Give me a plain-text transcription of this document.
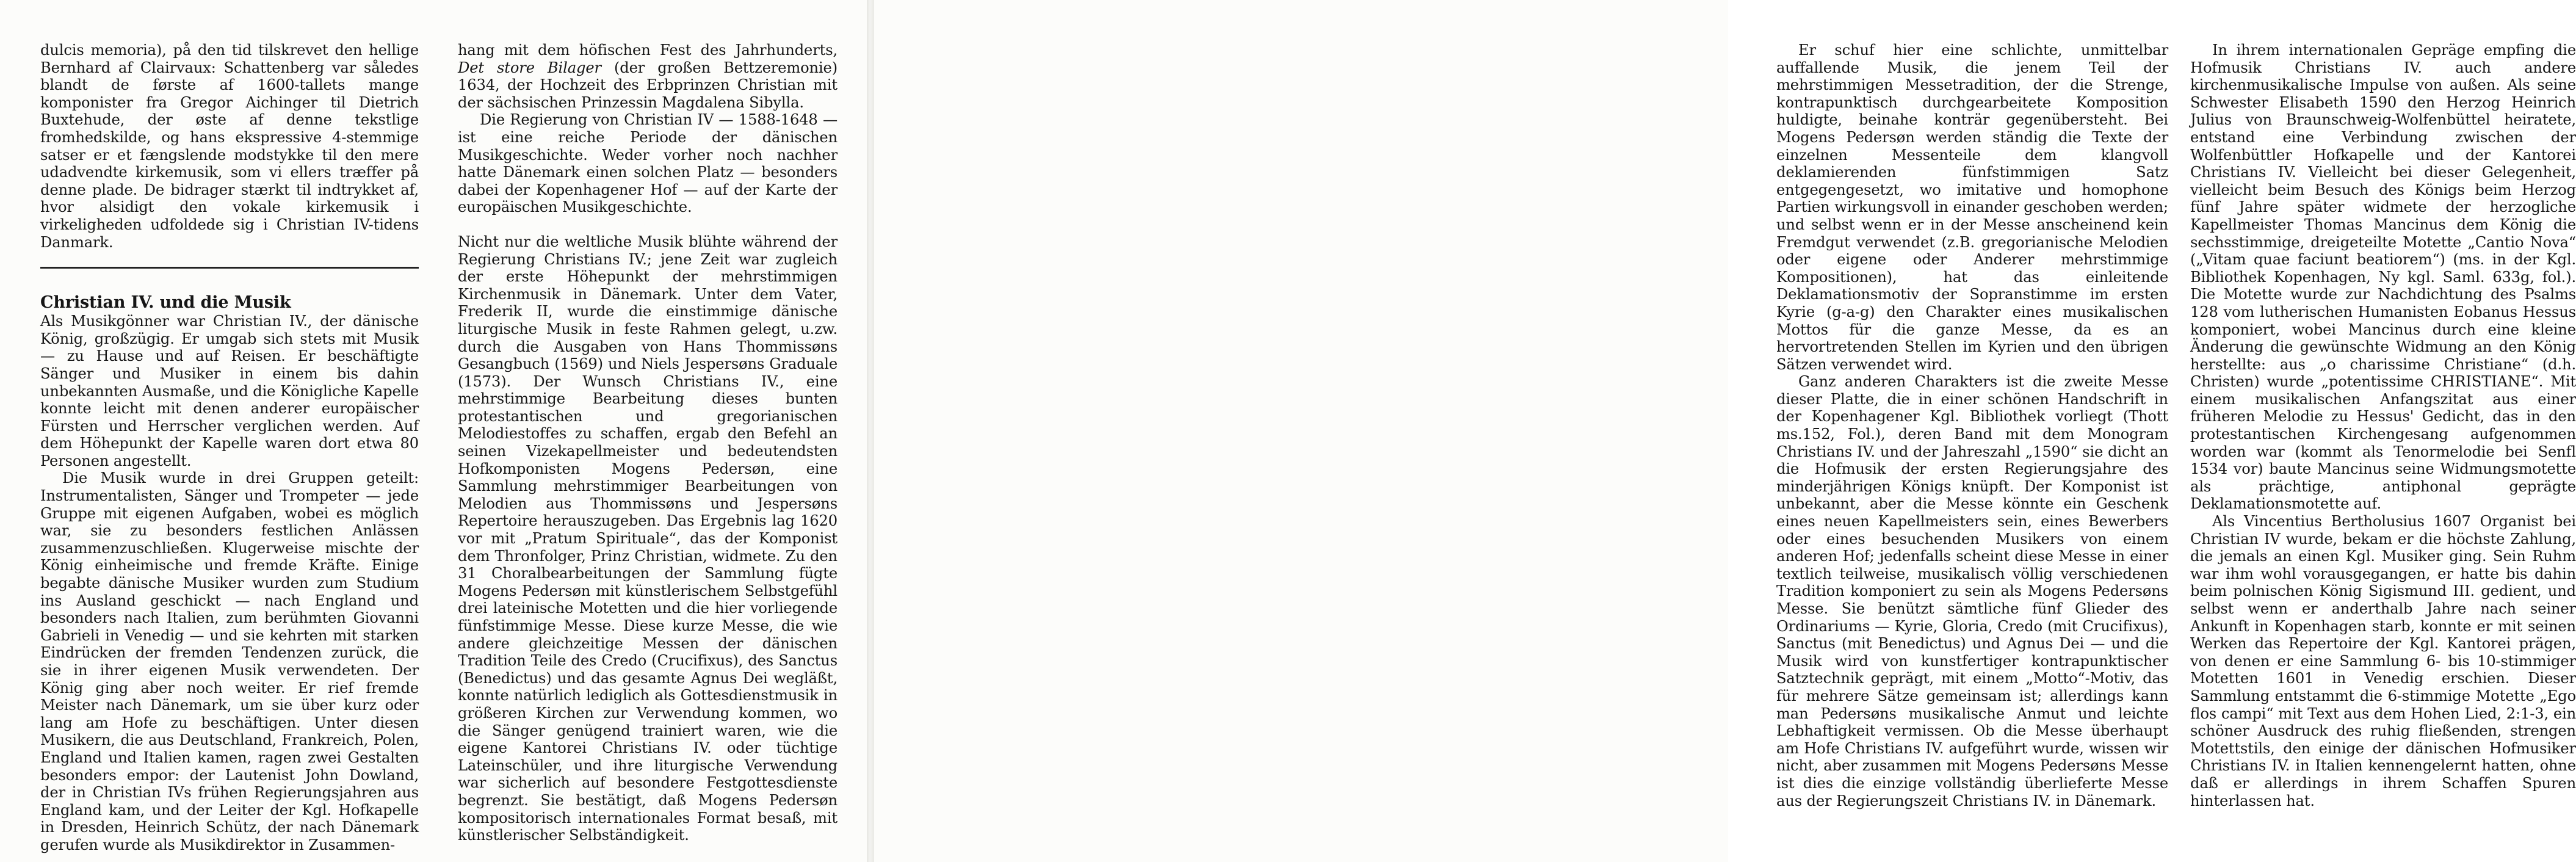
dulcis memoria), på den tid tilskrevet den hellige Bernhard af Clairvaux: Schattenberg var således blandt de første af 1600-tallets mange komponister fra Gregor Aichinger til Dietrich Buxtehude, der øste af denne tekstlige fromhedskilde, og hans ekspressive 4-stemmige satser er et fængslende modstykke til den mere udadvendte kirkemusik, som vi ellers træffer på denne plade. De bidrager stærkt til indtrykket af, hvor alsidigt den vokale kirkemusik i virkeligheden udfoldede sig i Christian IV-tidens Danmark.

Christian IV. und die Musik

Als Musikgönner war Christian IV., der dänische König, großzügig. Er umgab sich stets mit Musik — zu Hause und auf Reisen. Er beschäftigte Sänger und Musiker in einem bis dahin unbekannten Ausmaße, und die Königliche Kapelle konnte leicht mit denen anderer europäischer Fürsten und Herrscher verglichen werden. Auf dem Höhepunkt der Kapelle waren dort etwa 80 Personen angestellt.

Die Musik wurde in drei Gruppen geteilt: Instrumentalisten, Sänger und Trompeter — jede Gruppe mit eigenen Aufgaben, wobei es möglich war, sie zu besonders festlichen Anlässen zusammenzuschließen. Klugerweise mischte der König einheimische und fremde Kräfte. Einige begabte dänische Musiker wurden zum Studium ins Ausland geschickt — nach England und besonders nach Italien, zum berühmten Giovanni Gabrieli in Venedig — und sie kehrten mit starken Eindrücken der fremden Tendenzen zurück, die sie in ihrer eigenen Musik verwendeten. Der König ging aber noch weiter. Er rief fremde Meister nach Dänemark, um sie über kurz oder lang am Hofe zu beschäftigen. Unter diesen Musikern, die aus Deutschland, Frankreich, Polen, England und Italien kamen, ragen zwei Gestalten besonders empor: der Lautenist John Dowland, der in Christian IVs frühen Regierungsjahren aus England kam, und der Leiter der Kgl. Hofkapelle in Dresden, Heinrich Schütz, der nach Dänemark gerufen wurde als Musikdirektor in Zusammen-

hang mit dem höfischen Fest des Jahrhunderts, Det store Bilager (der großen Bettzeremonie) 1634, der Hochzeit des Erbprinzen Christian mit der sächsischen Prinzessin Magdalena Sibylla.

Die Regierung von Christian IV — 1588-1648 — ist eine reiche Periode der dänischen Musikgeschichte. Weder vorher noch nachher hatte Dänemark einen solchen Platz — besonders dabei der Kopenhagener Hof — auf der Karte der europäischen Musikgeschichte.

Nicht nur die weltliche Musik blühte während der Regierung Christians IV.; jene Zeit war zugleich der erste Höhepunkt der mehrstimmigen Kirchenmusik in Dänemark. Unter dem Vater, Frederik II, wurde die einstimmige dänische liturgische Musik in feste Rahmen gelegt, u.zw. durch die Ausgaben von Hans Thommissøns Gesangbuch (1569) und Niels Jespersøns Graduale (1573). Der Wunsch Christians IV., eine mehrstimmige Bearbeitung dieses bunten protestantischen und gregorianischen Melodiestoffes zu schaffen, ergab den Befehl an seinen Vizekapellmeister und bedeutendsten Hofkomponisten Mogens Pedersøn, eine Sammlung mehrstimmiger Bearbeitungen von Melodien aus Thommissøns und Jespersøns Repertoire herauszugeben. Das Ergebnis lag 1620 vor mit „Pratum Spirituale“, das der Komponist dem Thronfolger, Prinz Christian, widmete. Zu den 31 Choralbearbeitungen der Sammlung fügte Mogens Pedersøn mit künstlerischem Selbstgefühl drei lateinische Motetten und die hier vorliegende fünfstimmige Messe. Diese kurze Messe, die wie andere gleichzeitige Messen der dänischen Tradition Teile des Credo (Crucifixus), des Sanctus (Benedictus) und das gesamte Agnus Dei wegläßt, konnte natürlich lediglich als Gottesdienstmusik in größeren Kirchen zur Verwendung kommen, wo die Sänger genügend trainiert waren, wie die eigene Kantorei Christians IV. oder tüchtige Lateinschüler, und ihre liturgische Verwendung war sicherlich auf besondere Festgottesdienste begrenzt. Sie bestätigt, daß Mogens Pedersøn kompositorisch internationales Format besaß, mit künstlerischer Selbständigkeit.

Er schuf hier eine schlichte, unmittelbar auffallende Musik, die jenem Teil der mehrstimmigen Messetradition, der die Strenge, kontrapunktisch durchgearbeitete Komposition huldigte, beinahe konträr gegenübersteht. Bei Mogens Pedersøn werden ständig die Texte der einzelnen Messenteile dem klangvoll deklamierenden fünfstimmigen Satz entgegengesetzt, wo imitative und homophone Partien wirkungsvoll in einander geschoben werden; und selbst wenn er in der Messe anscheinend kein Fremdgut verwendet (z.B. gregorianische Melodien oder eigene oder Anderer mehrstimmige Kompositionen), hat das einleitende Deklamationsmotiv der Sopranstimme im ersten Kyrie (g-a-g) den Charakter eines musikalischen Mottos für die ganze Messe, da es an hervortretenden Stellen im Kyrien und den übrigen Sätzen verwendet wird.

Ganz anderen Charakters ist die zweite Messe dieser Platte, die in einer schönen Handschrift in der Kopenhagener Kgl. Bibliothek vorliegt (Thott ms.152, Fol.), deren Band mit dem Monogram Christians IV. und der Jahreszahl „1590“ sie dicht an die Hofmusik der ersten Regierungsjahre des minderjährigen Königs knüpft. Der Komponist ist unbekannt, aber die Messe könnte ein Geschenk eines neuen Kapellmeisters sein, eines Bewerbers oder eines besuchenden Musikers von einem anderen Hof; jedenfalls scheint diese Messe in einer textlich teilweise, musikalisch völlig verschiedenen Tradition komponiert zu sein als Mogens Pedersøns Messe. Sie benützt sämtliche fünf Glieder des Ordinariums — Kyrie, Gloria, Credo (mit Crucifixus), Sanctus (mit Benedictus) und Agnus Dei — und die Musik wird von kunstfertiger kontrapunktischer Satztechnik geprägt, mit einem „Motto“-Motiv, das für mehrere Sätze gemeinsam ist; allerdings kann man Pedersøns musikalische Anmut und leichte Lebhaftigkeit vermissen. Ob die Messe überhaupt am Hofe Christians IV. aufgeführt wurde, wissen wir nicht, aber zusammen mit Mogens Pedersøns Messe ist dies die einzige vollständig überlieferte Messe aus der Regierungszeit Christians IV. in Dänemark.

In ihrem internationalen Gepräge empfing die Hofmusik Christians IV. auch andere kirchenmusikalische Impulse von außen. Als seine Schwester Elisabeth 1590 den Herzog Heinrich Julius von Braunschweig-Wolfenbüttel heiratete, entstand eine Verbindung zwischen der Wolfenbüttler Hofkapelle und der Kantorei Christians IV. Vielleicht bei dieser Gelegenheit, vielleicht beim Besuch des Königs beim Herzog fünf Jahre später widmete der herzogliche Kapellmeister Thomas Mancinus dem König die sechsstimmige, dreigeteilte Motette „Cantio Nova“ („Vitam quae faciunt beatiorem“) (ms. in der Kgl. Bibliothek Kopenhagen, Ny kgl. Saml. 633g, fol.). Die Motette wurde zur Nachdichtung des Psalms 128 vom lutherischen Humanisten Eobanus Hessus komponiert, wobei Mancinus durch eine kleine Änderung die gewünschte Widmung an den König herstellte: aus „o charissime Christiane“ (d.h. Christen) wurde „potentissime CHRISTIANE“. Mit einem musikalischen Anfangszitat aus einer früheren Melodie zu Hessus' Gedicht, das in den protestantischen Kirchengesang aufgenommen worden war (kommt als Tenormelodie bei Senfl 1534 vor) baute Mancinus seine Widmungsmotette als prächtige, antiphonal geprägte Deklamationsmotette auf.

Als Vincentius Bertholusius 1607 Organist bei Christian IV wurde, bekam er die höchste Zahlung, die jemals an einen Kgl. Musiker ging. Sein Ruhm war ihm wohl vorausgegangen, er hatte bis dahin beim polnischen König Sigismund III. gedient, und selbst wenn er anderthalb Jahre nach seiner Ankunft in Kopenhagen starb, konnte er mit seinen Werken das Repertoire der Kgl. Kantorei prägen, von denen er eine Sammlung 6- bis 10-stimmiger Motetten 1601 in Venedig erschien. Dieser Sammlung entstammt die 6-stimmige Motette „Ego flos campi“ mit Text aus dem Hohen Lied, 2:1-3, ein schöner Ausdruck des ruhig fließenden, strengen Motettstils, den einige der dänischen Hofmusiker Christians IV. in Italien kennengelernt hatten, ohne daß er allerdings in ihrem Schaffen Spuren hinterlassen hat.
